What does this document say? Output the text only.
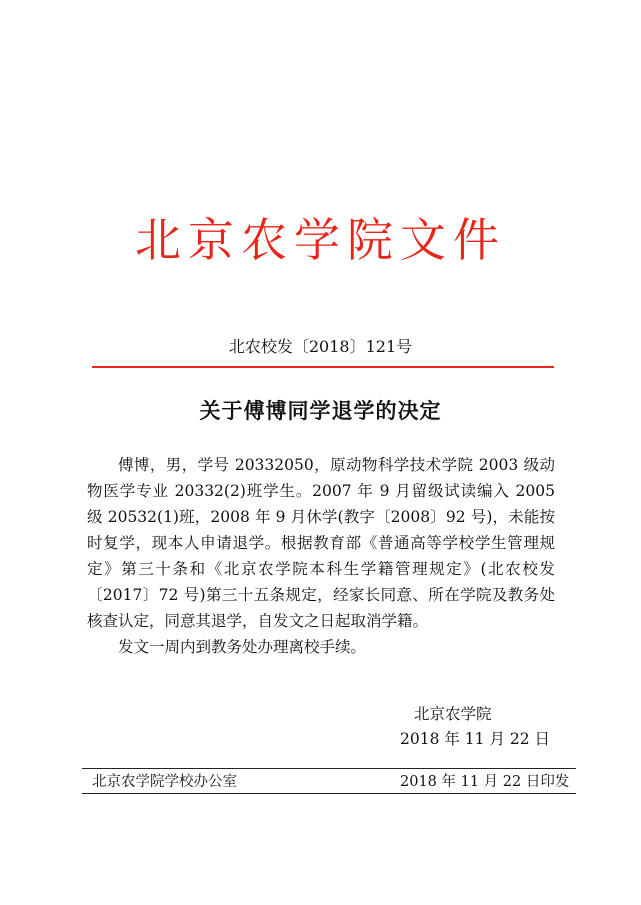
北京农学院文件
北农校发〔2018〕121号
关于傅博同学退学的决定

傅博，男，学号 20332050，原动物科学技术学院 2003 级动物医学专业 20332(2)班学生。2007 年 9 月留级试读编入 2005 级 20532(1)班，2008 年 9 月休学(教字〔2008〕92 号)，未能按时复学，现本人申请退学。根据教育部《普通高等学校学生管理规定》第三十条和《北京农学院本科生学籍管理规定》(北农校发〔2017〕72 号)第三十五条规定，经家长同意、所在学院及教务处核查认定，同意其退学，自发文之日起取消学籍。

发文一周内到教务处办理离校手续。

北京农学院
2018 年 11 月 22 日
北京农学院学校办公室	2018 年 11 月 22 日印发
